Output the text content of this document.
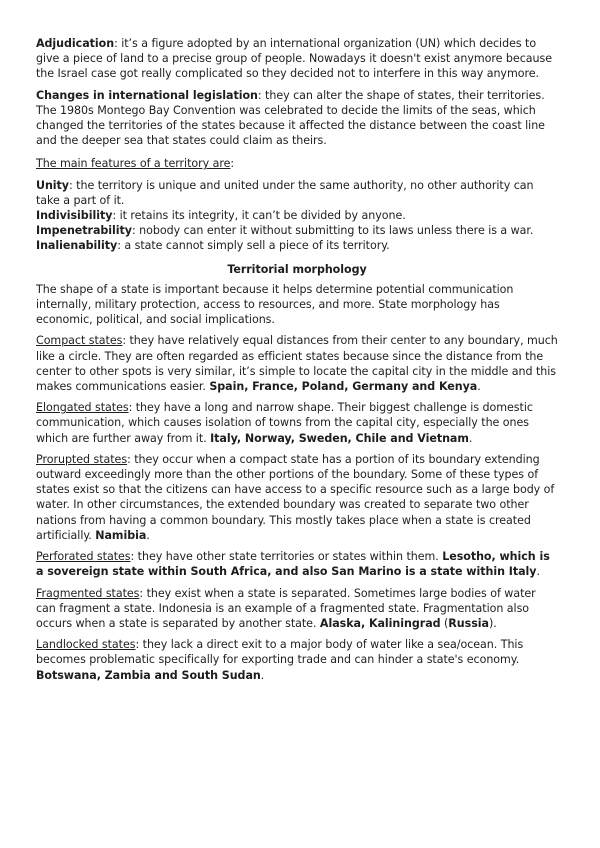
Adjudication: it’s a figure adopted by an international organization (UN) which decides to give a piece of land to a precise group of people. Nowadays it doesn't exist anymore because the Israel case got really complicated so they decided not to interfere in this way anymore.

Changes in international legislation: they can alter the shape of states, their territories. The 1980s Montego Bay Convention was celebrated to decide the limits of the seas, which changed the territories of the states because it affected the distance between the coast line and the deeper sea that states could claim as theirs.

The main features of a territory are:

Unity: the territory is unique and united under the same authority, no other authority can take a part of it.

Indivisibility: it retains its integrity, it can’t be divided by anyone.

Impenetrability: nobody can enter it without submitting to its laws unless there is a war.

Inalienability: a state cannot simply sell a piece of its territory.

Territorial morphology

The shape of a state is important because it helps determine potential communication internally, military protection, access to resources, and more. State morphology has economic, political, and social implications.

Compact states: they have relatively equal distances from their center to any boundary, much like a circle. They are often regarded as efficient states because since the distance from the center to other spots is very similar, it’s simple to locate the capital city in the middle and this makes communications easier. Spain, France, Poland, Germany and Kenya.

Elongated states: they have a long and narrow shape. Their biggest challenge is domestic communication, which causes isolation of towns from the capital city, especially the ones which are further away from it. Italy, Norway, Sweden, Chile and Vietnam.

Prorupted states: they occur when a compact state has a portion of its boundary extending outward exceedingly more than the other portions of the boundary. Some of these types of states exist so that the citizens can have access to a specific resource such as a large body of water. In other circumstances, the extended boundary was created to separate two other nations from having a common boundary. This mostly takes place when a state is created artificially. Namibia.

Perforated states: they have other state territories or states within them. Lesotho, which is a sovereign state within South Africa, and also San Marino is a state within Italy.

Fragmented states: they exist when a state is separated. Sometimes large bodies of water can fragment a state. Indonesia is an example of a fragmented state. Fragmentation also occurs when a state is separated by another state. Alaska, Kaliningrad (Russia).

Landlocked states: they lack a direct exit to a major body of water like a sea/ocean. This becomes problematic specifically for exporting trade and can hinder a state's economy. Botswana, Zambia and South Sudan.
